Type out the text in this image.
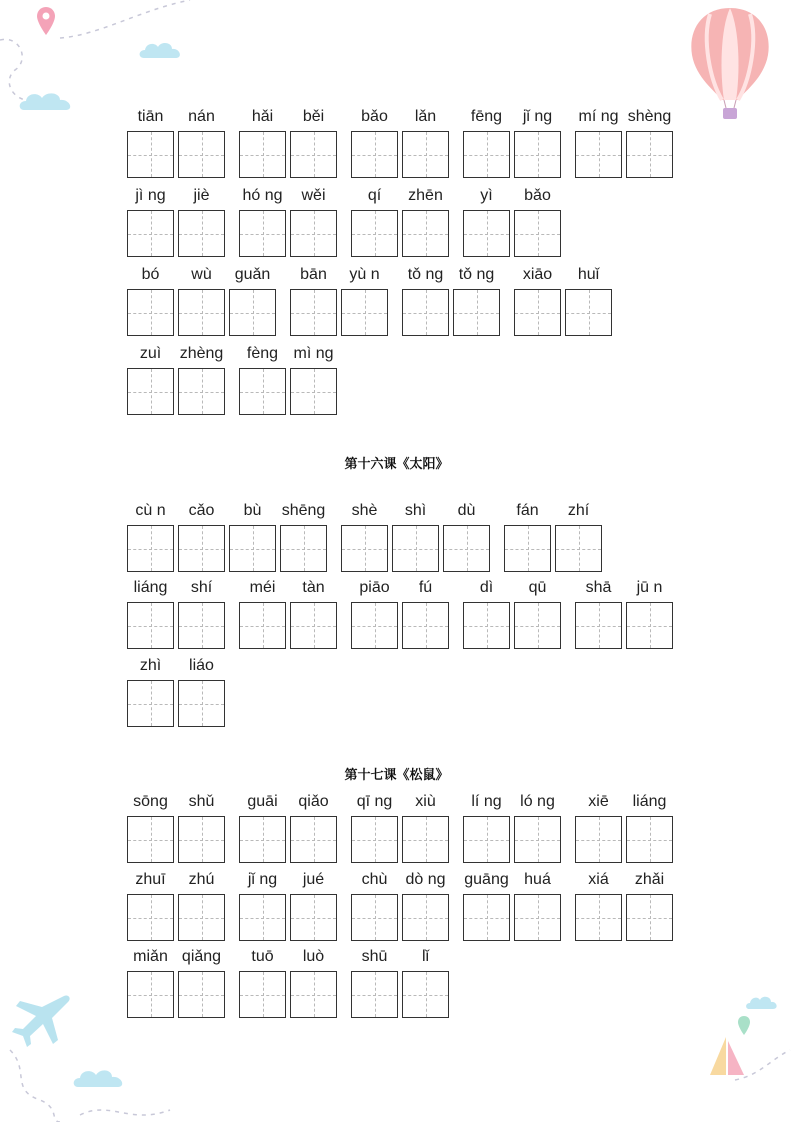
tiān nán hǎi běi bǎo lǎn fēng jǐ ng mí ng shèng
jì ng jiè hó ng wěi	qí zhēn yì bǎo
bó wù guǎn bān yù n tǒ ng tǒ ng xiāo huǐ
zuì zhèng fèng mì ng
第十六课《太阳》
cù n cǎo bù shēng shè shì dù	fán zhí
liáng shí méi tàn piāo fú	dì qū shā jū n
zhì liáo
第十七课《松鼠》
sōng shǔ guāi qiǎo qī ng xiù lí ng ló ng xiē liáng
zhuī zhú jǐ ng jué chù dò ng guāng huá xiá zhǎi
miǎn qiǎng tuō luò shū lǐ
